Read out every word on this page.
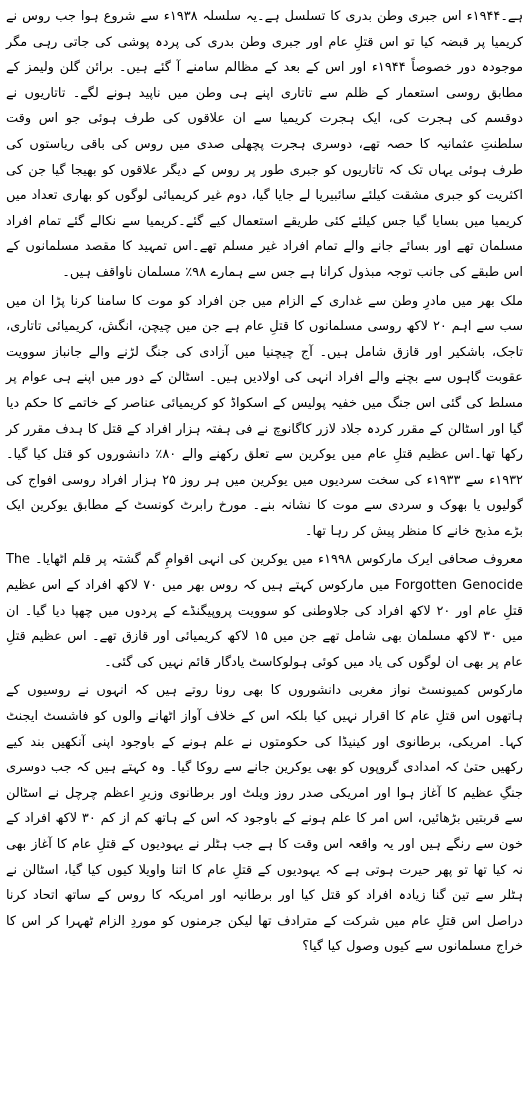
ہے۔۱۹۴۴ء اس جبری وطن بدری کا تسلسل ہے۔یہ سلسلہ ۱۹۳۸ء سے شروع ہوا جب روس نے کریمیا پر قبضہ کیا تو اس قتلِ عام اور جبری وطن بدری کی پردہ پوشی کی جاتی رہی مگر موجودہ دور خصوصاً ۱۹۴۴ء اور اس کے بعد کے مظالم سامنے آ گئے ہیں۔ برائن گلن ولیمز کے مطابق روسی استعمار کے ظلم سے تاتاری اپنے ہی وطن میں ناپید ہونے لگے۔ تاتاریوں نے دوقسم کی ہجرت کی، ایک ہجرت کریمیا سے ان علاقوں کی طرف ہوئی جو اس وقت سلطنتِ عثمانیہ کا حصہ تھے، دوسری ہجرت پچھلی صدی میں روس کی باقی ریاستوں کی طرف ہوئی یہاں تک کہ تاتاریوں کو جبری طور پر روس کے دیگر علاقوں کو بھیجا گیا جن کی اکثریت کو جبری مشقت کیلئے سائبیریا لے جایا گیا، دوم غیر کریمیائی لوگوں کو بھاری تعداد میں کریمیا میں بسایا گیا جس کیلئے کئی طریقے استعمال کیے گئے۔کریمیا سے نکالے گئے تمام افراد مسلمان تھے اور بسائے جانے والے تمام افراد غیر مسلم تھے۔اس تمہید کا مقصد مسلمانوں کے اس طبقے کی جانب توجہ مبذول کرانا ہے جس سے ہمارے ۹۸٪ مسلمان ناواقف ہیں۔

ملک بھر میں مادرِ وطن سے غداری کے الزام میں جن افراد کو موت کا سامنا کرنا پڑا ان میں سب سے اہم ۲۰ لاکھ روسی مسلمانوں کا قتلِ عام ہے جن میں چیچن، انگش، کریمیائی تاتاری، تاجک، باشکیر اور قازق شامل ہیں۔ آج چیچنیا میں آزادی کی جنگ لڑنے والے جانباز سوویت عقوبت گاہوں سے بچنے والے افراد انہی کی اولادیں ہیں۔ اسٹالن کے دور میں اپنے ہی عوام پر مسلط کی گئی اس جنگ میں خفیہ پولیس کے اسکواڈ کو کریمیائی عناصر کے خاتمے کا حکم دیا گیا اور اسٹالن کے مقرر کردہ جلاد لازر کاگانوچ نے فی ہفتہ ہزار افراد کے قتل کا ہدف مقرر کر رکھا تھا۔اس عظیم قتلِ عام میں یوکرین سے تعلق رکھنے والے ۸۰٪ دانشوروں کو قتل کیا گیا۔ ۱۹۳۲ء سے ۱۹۳۳ء کی سخت سردیوں میں یوکرین میں ہر روز ۲۵ ہزار افراد روسی افواج کی گولیوں یا بھوک و سردی سے موت کا نشانہ بنے۔ مورخ رابرٹ کونسٹ کے مطابق یوکرین ایک بڑے مذبح خانے کا منظر پیش کر رہا تھا۔

معروف صحافی ایرک مارکوس ۱۹۹۸ء میں یوکرین کی انہی اقوامِ گم گشتہ پر قلم اٹھایا۔ The Forgotten Genocide میں مارکوس کہتے ہیں کہ روس بھر میں ۷۰ لاکھ افراد کے اس عظیم قتلِ عام اور ۲۰ لاکھ افراد کی جلاوطنی کو سوویت پروپیگنڈے کے پردوں میں چھپا دیا گیا۔ ان میں ۳۰ لاکھ مسلمان بھی شامل تھے جن میں ۱۵ لاکھ کریمیائی اور قازق تھے۔ اس عظیم قتلِ عام پر بھی ان لوگوں کی یاد میں کوئی ہولوکاسٹ یادگار قائم نہیں کی گئی۔

مارکوس کمیونسٹ نواز مغربی دانشوروں کا بھی رونا روتے ہیں کہ انہوں نے روسیوں کے ہاتھوں اس قتلِ عام کا اقرار نہیں کیا بلکہ اس کے خلاف آواز اٹھانے والوں کو فاشسٹ ایجنٹ کہا۔ امریکی، برطانوی اور کینیڈا کی حکومتوں نے علم ہونے کے باوجود اپنی آنکھیں بند کیے رکھیں حتیٰ کہ امدادی گروپوں کو بھی یوکرین جانے سے روکا گیا۔ وہ کہتے ہیں کہ جب دوسری جنگِ عظیم کا آغاز ہوا اور امریکی صدر روز ویلٹ اور برطانوی وزیرِ اعظم چرچل نے اسٹالن سے قربتیں بڑھائیں، اس امر کا علم ہونے کے باوجود کہ اس کے ہاتھ کم از کم ۳۰ لاکھ افراد کے خون سے رنگے ہیں اور یہ واقعہ اس وقت کا ہے جب ہٹلر نے یہودیوں کے قتلِ عام کا آغاز بھی نہ کیا تھا تو پھر حیرت ہوتی ہے کہ یہودیوں کے قتلِ عام کا اتنا واویلا کیوں کیا گیا، اسٹالن نے ہٹلر سے تین گنا زیادہ افراد کو قتل کیا اور برطانیہ اور امریکہ کا روس کے ساتھ اتحاد کرنا دراصل اس قتلِ عام میں شرکت کے مترادف تھا لیکن جرمنوں کو موردِ الزام ٹھہرا کر اس کا خراج مسلمانوں سے کیوں وصول کیا گیا؟
